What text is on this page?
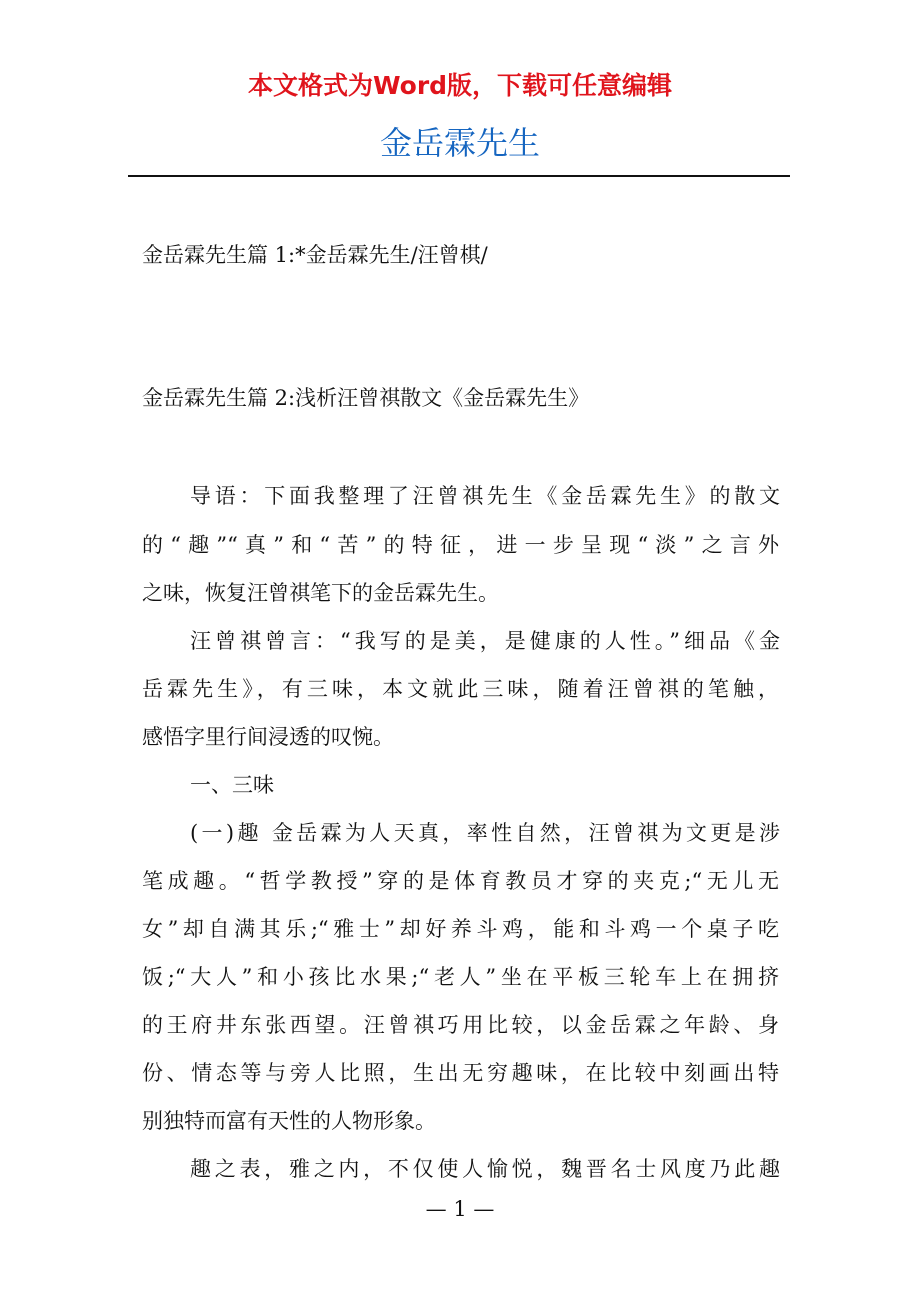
本文格式为Word版，下载可任意编辑
金岳霖先生
金岳霖先生篇 1:*金岳霖先生/汪曾棋/
金岳霖先生篇 2:浅析汪曾祺散文《金岳霖先生》
导语：下面我整理了汪曾祺先生《金岳霖先生》的散文
的“趣”“真”和“苦”的特征，进一步呈现“淡”之言外
之味，恢复汪曾祺笔下的金岳霖先生。
汪曾祺曾言：“我写的是美，是健康的人性。”细品《金
岳霖先生》，有三味，本文就此三味，随着汪曾祺的笔触，
感悟字里行间浸透的叹惋。
一、三味
(一)趣 金岳霖为人天真，率性自然，汪曾祺为文更是涉
笔成趣。“哲学教授”穿的是体育教员才穿的夹克;“无儿无
女”却自满其乐;“雅士”却好养斗鸡，能和斗鸡一个桌子吃
饭;“大人”和小孩比水果;“老人”坐在平板三轮车上在拥挤
的王府井东张西望。汪曾祺巧用比较，以金岳霖之年龄、身
份、情态等与旁人比照，生出无穷趣味，在比较中刻画出特
别独特而富有天性的人物形象。
趣之表，雅之内，不仅使人愉悦，魏晋名士风度乃此趣
— 1 —
